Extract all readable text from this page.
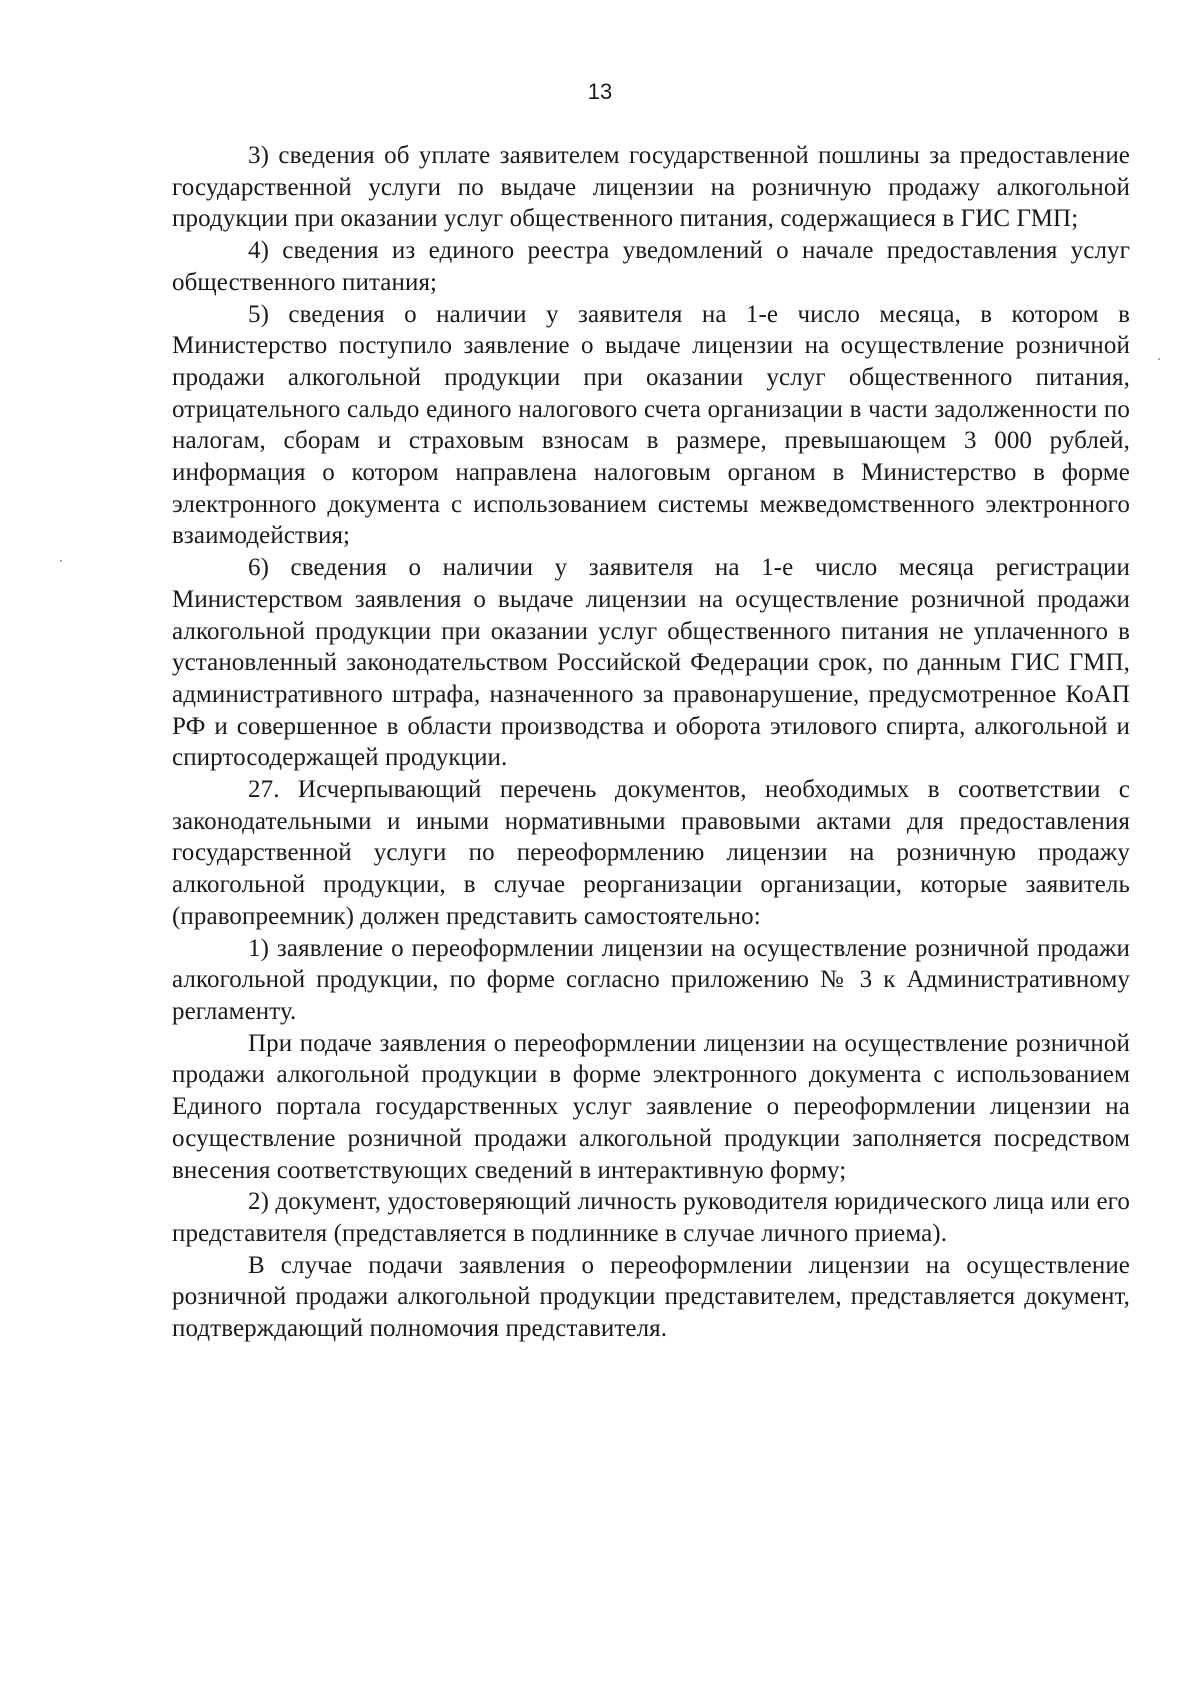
13

3) сведения об уплате заявителем государственной пошлины за предоставление государственной услуги по выдаче лицензии на розничную продажу алкогольной продукции при оказании услуг общественного питания, содержащиеся в ГИС ГМП;

4) сведения из единого реестра уведомлений о начале предоставления услуг общественного питания;

5) сведения о наличии у заявителя на 1-е число месяца, в котором в Министерство поступило заявление о выдаче лицензии на осуществление розничной продажи алкогольной продукции при оказании услуг общественного питания, отрицательного сальдо единого налогового счета организации в части задолженности по налогам, сборам и страховым взносам в размере, превышающем 3 000 рублей, информация о котором направлена налоговым органом в Министерство в форме электронного документа с использованием системы межведомственного электронного взаимодействия;

6) сведения о наличии у заявителя на 1-е число месяца регистрации Министерством заявления о выдаче лицензии на осуществление розничной продажи алкогольной продукции при оказании услуг общественного питания не уплаченного в установленный законодательством Российской Федерации срок, по данным ГИС ГМП, административного штрафа, назначенного за правонарушение, предусмотренное КоАП РФ и совершенное в области производства и оборота этилового спирта, алкогольной и спиртосодержащей продукции.

27. Исчерпывающий перечень документов, необходимых в соответствии с законодательными и иными нормативными правовыми актами для предоставления государственной услуги по переоформлению лицензии на розничную продажу алкогольной продукции, в случае реорганизации организации, которые заявитель (правопреемник) должен представить самостоятельно:

1) заявление о переоформлении лицензии на осуществление розничной продажи алкогольной продукции, по форме согласно приложению № 3 к Административному регламенту.

При подаче заявления о переоформлении лицензии на осуществление розничной продажи алкогольной продукции в форме электронного документа с использованием Единого портала государственных услуг заявление о переоформлении лицензии на осуществление розничной продажи алкогольной продукции заполняется посредством внесения соответствующих сведений в интерактивную форму;

2) документ, удостоверяющий личность руководителя юридического лица или его представителя (представляется в подлиннике в случае личного приема).

В случае подачи заявления о переоформлении лицензии на осуществление розничной продажи алкогольной продукции представителем, представляется документ, подтверждающий полномочия представителя.
